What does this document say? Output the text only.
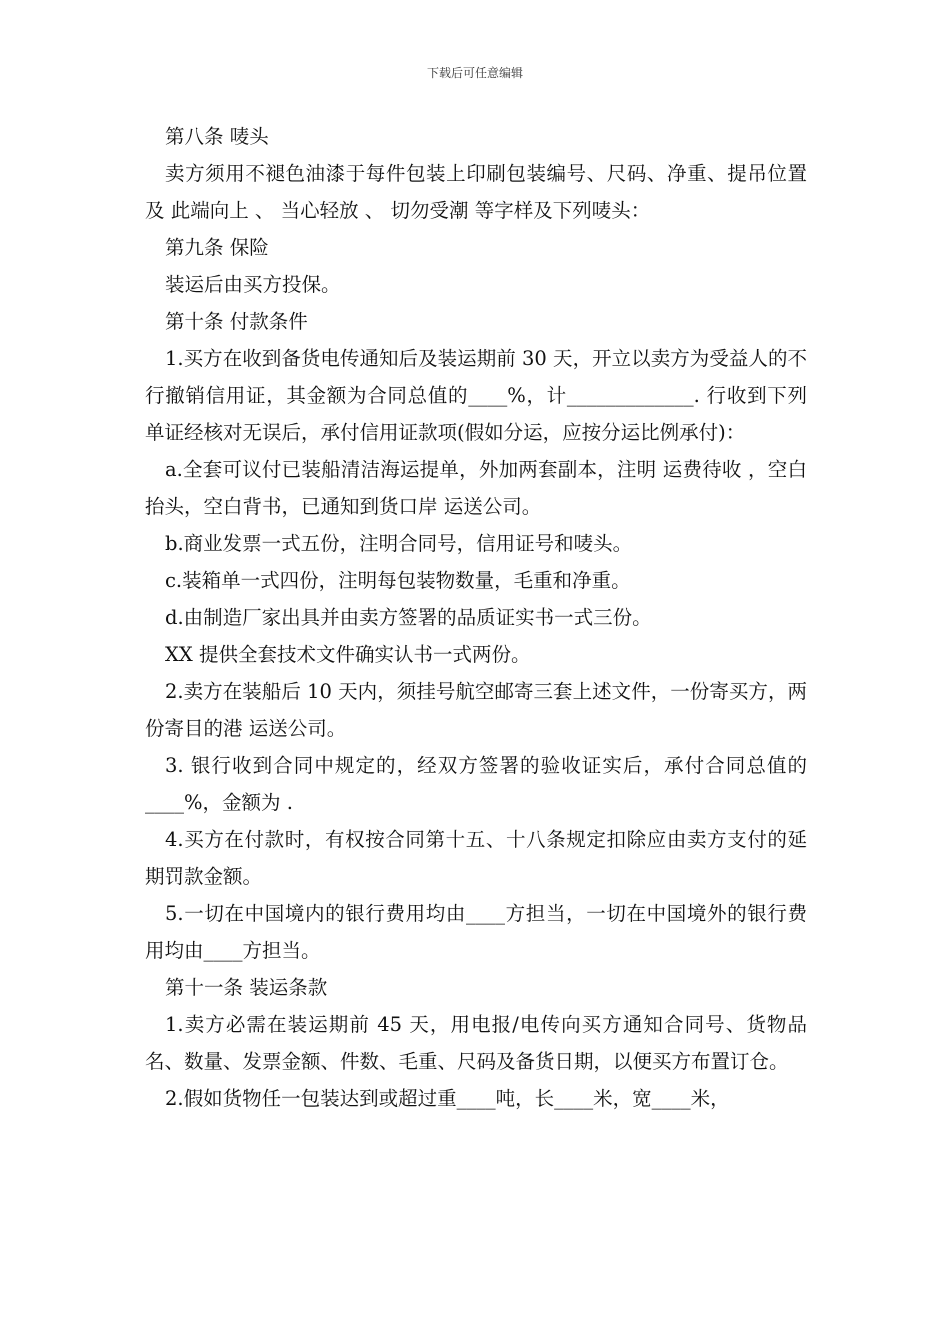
下载后可任意编辑

第八条 唛头

卖方须用不褪色油漆于每件包装上印刷包装编号、尺码、净重、提吊位置及 此端向上 、 当心轻放 、 切勿受潮 等字样及下列唛头：

第九条 保险

装运后由买方投保。

第十条 付款条件

1.买方在收到备货电传通知后及装运期前 30 天，开立以卖方为受益人的不行撤销信用证，其金额为合同总值的____%，计_____________. 行收到下列单证经核对无误后，承付信用证款项(假如分运，应按分运比例承付)：

a.全套可议付已装船清洁海运提单，外加两套副本，注明 运费待收 ，空白抬头，空白背书，已通知到货口岸 运送公司。

b.商业发票一式五份，注明合同号，信用证号和唛头。

c.装箱单一式四份，注明每包装物数量，毛重和净重。

d.由制造厂家出具并由卖方签署的品质证实书一式三份。

XX 提供全套技术文件确实认书一式两份。

2.卖方在装船后 10 天内，须挂号航空邮寄三套上述文件，一份寄买方，两份寄目的港 运送公司。

3. 银行收到合同中规定的，经双方签署的验收证实后，承付合同总值的____%，金额为 .

4.买方在付款时，有权按合同第十五、十八条规定扣除应由卖方支付的延期罚款金额。

5.一切在中国境内的银行费用均由____方担当，一切在中国境外的银行费用均由____方担当。

第十一条 装运条款

1.卖方必需在装运期前 45 天，用电报/电传向买方通知合同号、货物品名、数量、发票金额、件数、毛重、尺码及备货日期，以便买方布置订仓。

2.假如货物任一包装达到或超过重____吨，长____米，宽____米，
